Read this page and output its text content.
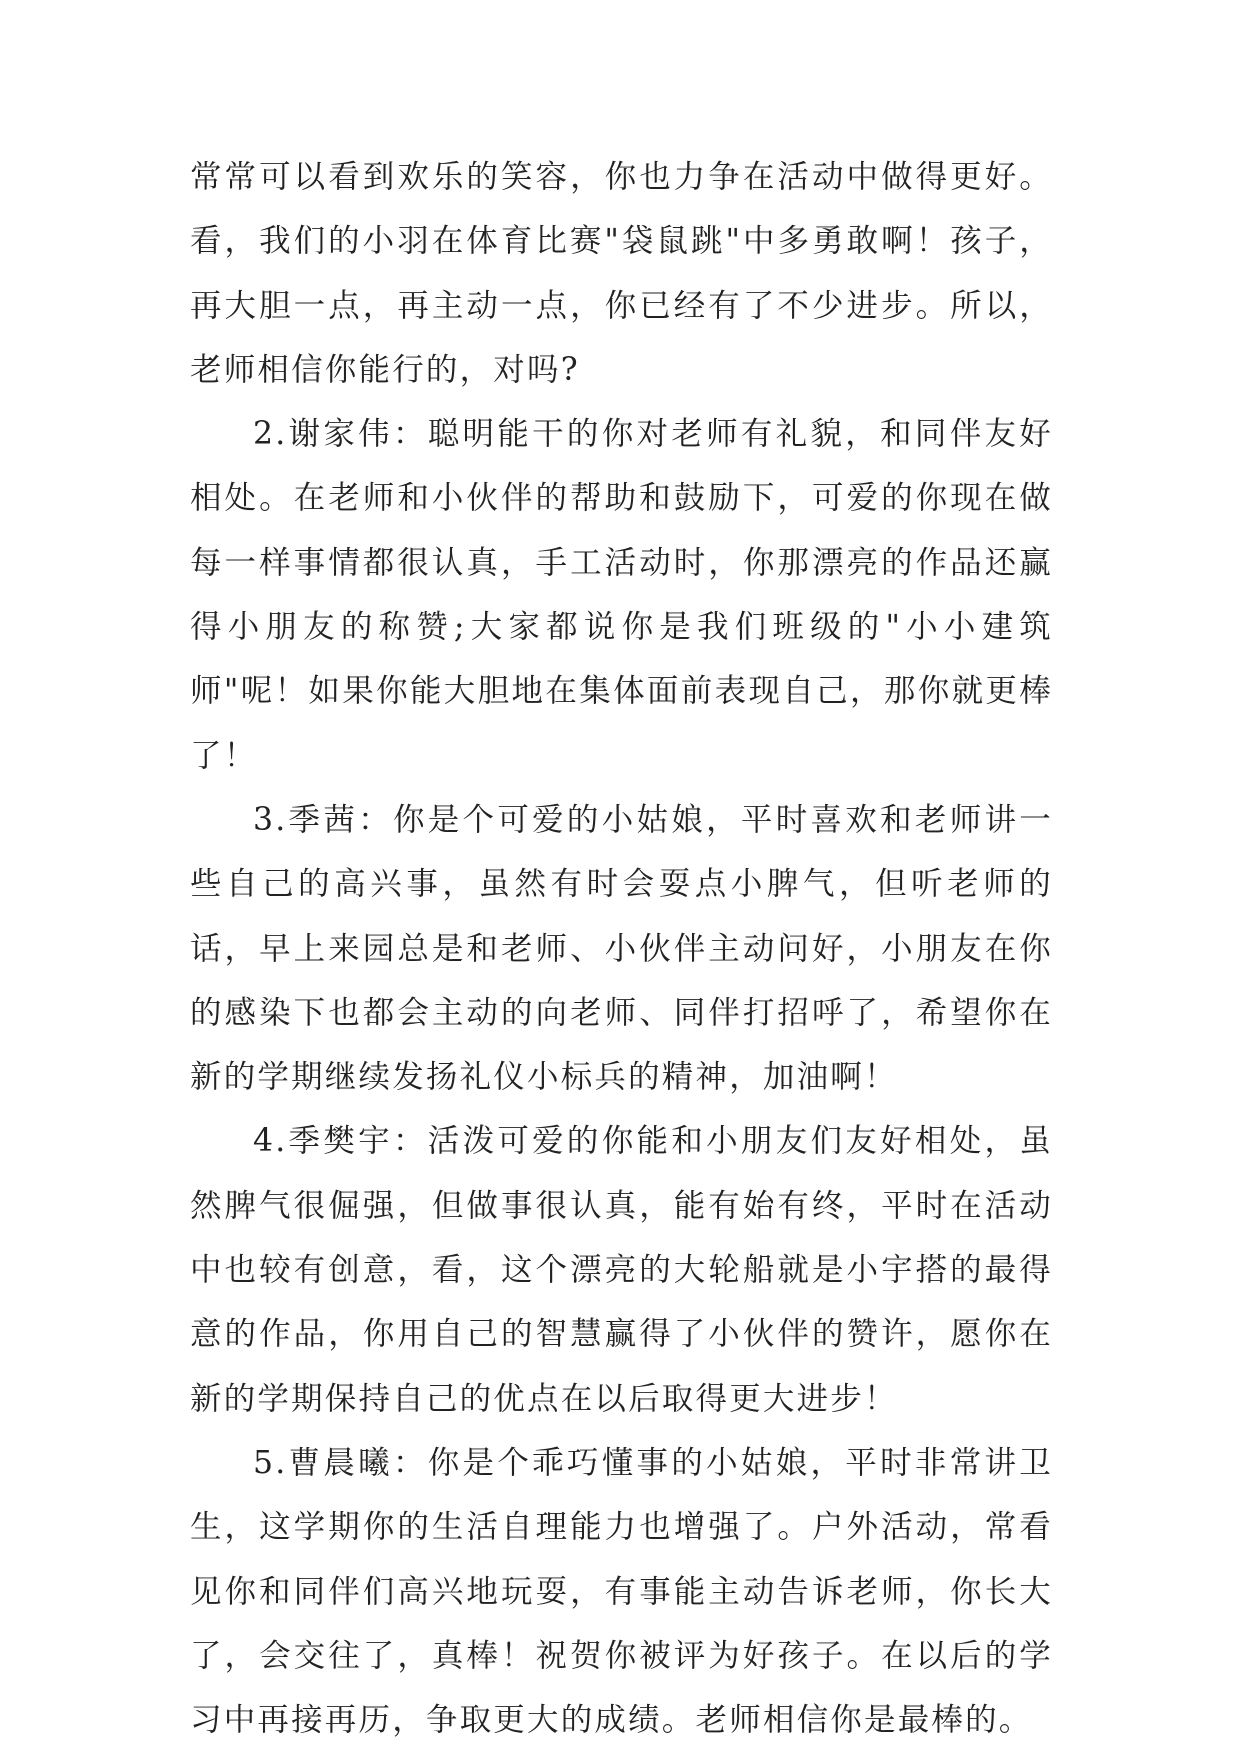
常常可以看到欢乐的笑容，你也力争在活动中做得更好。看，我们的小羽在体育比赛"袋鼠跳"中多勇敢啊！孩子，再大胆一点，再主动一点，你已经有了不少进步。所以，老师相信你能行的，对吗?

2.谢家伟：聪明能干的你对老师有礼貌，和同伴友好相处。在老师和小伙伴的帮助和鼓励下，可爱的你现在做每一样事情都很认真，手工活动时，你那漂亮的作品还赢得小朋友的称赞;大家都说你是我们班级的"小小建筑师"呢！如果你能大胆地在集体面前表现自己，那你就更棒了！

3.季茜：你是个可爱的小姑娘，平时喜欢和老师讲一些自己的高兴事，虽然有时会耍点小脾气，但听老师的话，早上来园总是和老师、小伙伴主动问好，小朋友在你的感染下也都会主动的向老师、同伴打招呼了，希望你在新的学期继续发扬礼仪小标兵的精神，加油啊！

4.季樊宇：活泼可爱的你能和小朋友们友好相处，虽然脾气很倔强，但做事很认真，能有始有终，平时在活动中也较有创意，看，这个漂亮的大轮船就是小宇搭的最得意的作品，你用自己的智慧赢得了小伙伴的赞许，愿你在新的学期保持自己的优点在以后取得更大进步！

5.曹晨曦：你是个乖巧懂事的小姑娘，平时非常讲卫生，这学期你的生活自理能力也增强了。户外活动，常看见你和同伴们高兴地玩耍，有事能主动告诉老师，你长大了，会交往了，真棒！祝贺你被评为好孩子。在以后的学习中再接再历，争取更大的成绩。老师相信你是最棒的。
